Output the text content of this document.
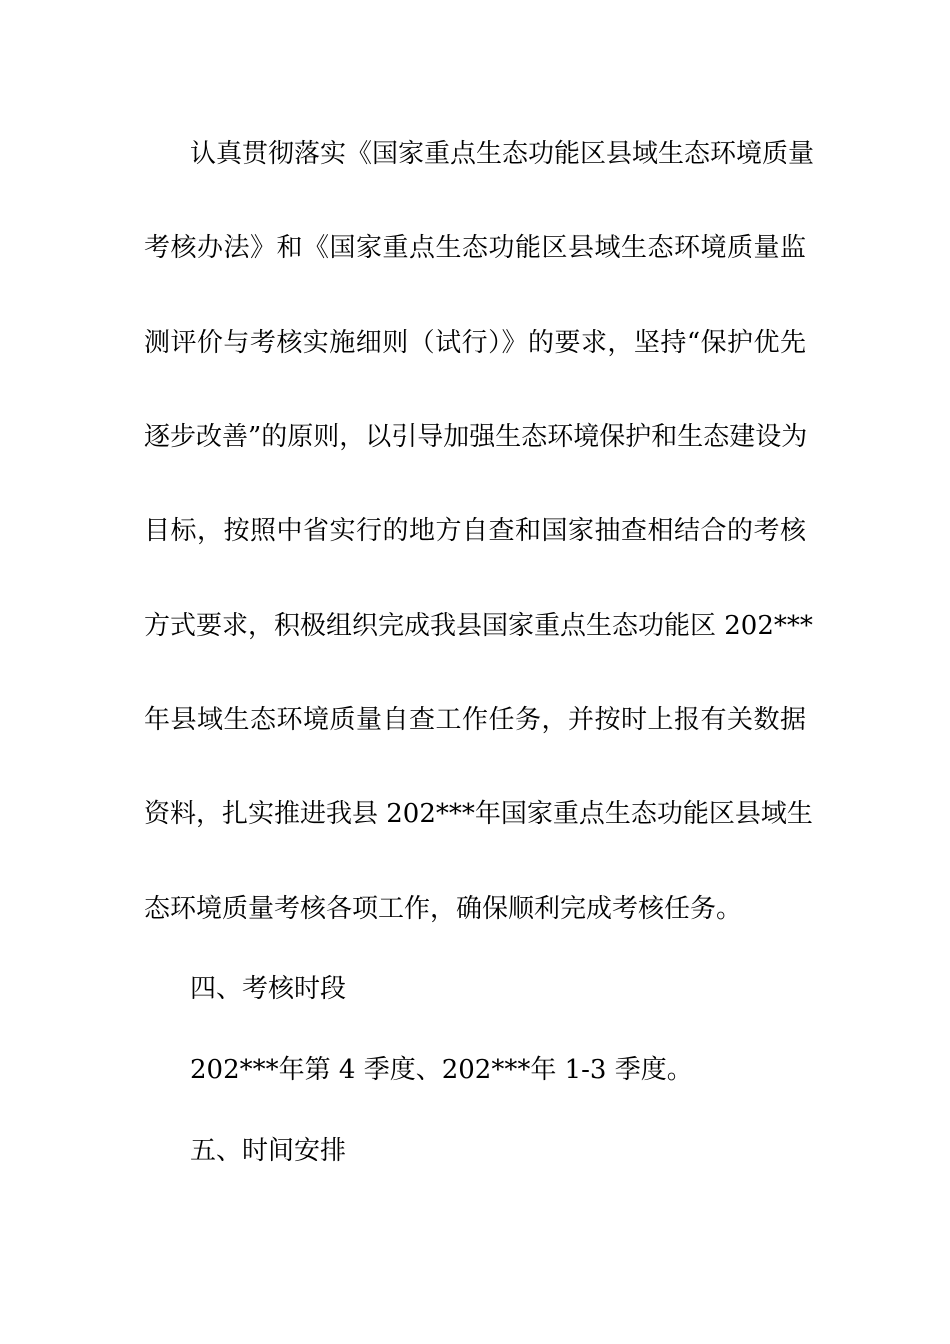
认真贯彻落实《国家重点生态功能区县域生态环境质量
考核办法》和《国家重点生态功能区县域生态环境质量监
测评价与考核实施细则（试行）》的要求，坚持“保护优先
逐步改善”的原则，以引导加强生态环境保护和生态建设为
目标，按照中省实行的地方自查和国家抽查相结合的考核
方式要求，积极组织完成我县国家重点生态功能区 202***
年县域生态环境质量自查工作任务，并按时上报有关数据
资料，扎实推进我县 202***年国家重点生态功能区县域生
态环境质量考核各项工作，确保顺利完成考核任务。
四、考核时段
202***年第 4 季度、202***年 1-3 季度。
五、时间安排
